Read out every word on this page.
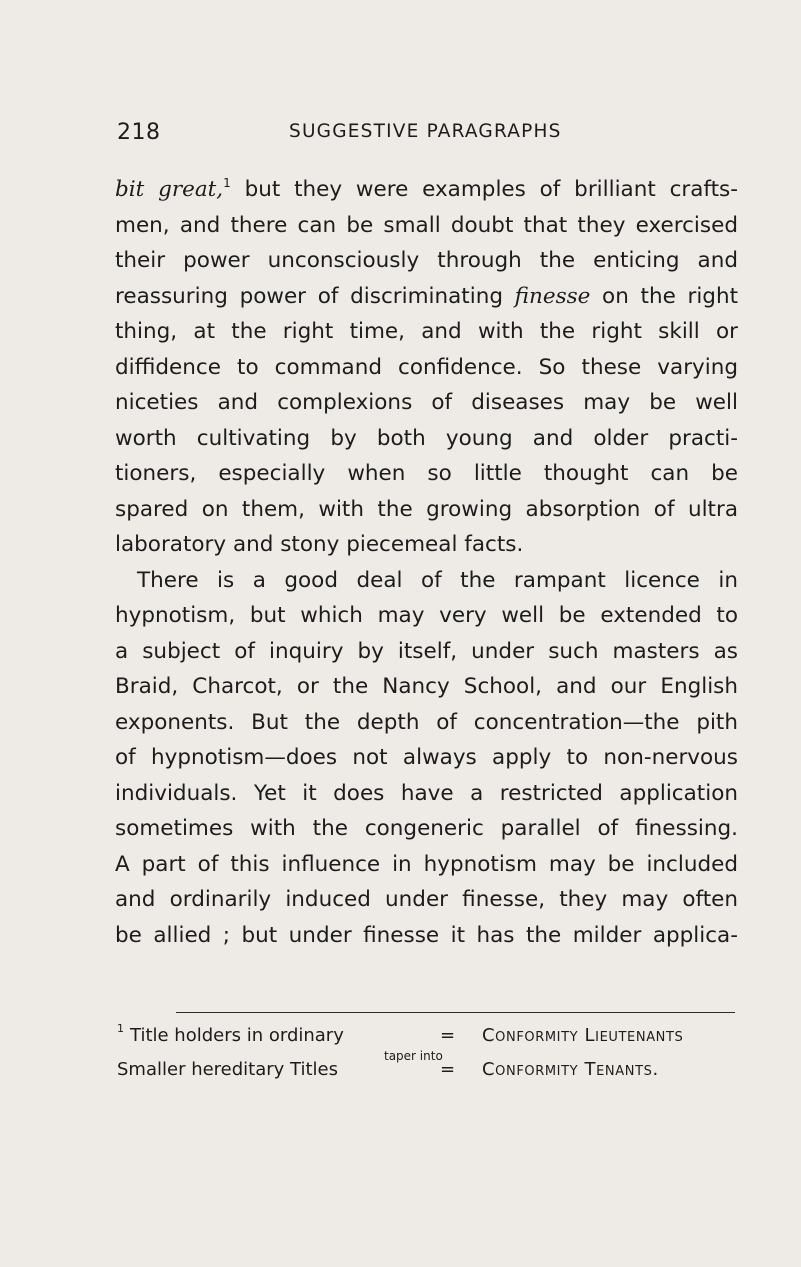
218	SUGGESTIVE PARAGRAPHS
bit great,$^1$ but they were examples of brilliant crafts-
men, and there can be small doubt that they exercised
their power unconsciously through the enticing and
reassuring power of discriminating finesse on the right
thing, at the right time, and with the right skill or
diffidence to command confidence. So these varying
niceties and complexions of diseases may be well
worth cultivating by both young and older practi-
tioners, especially when so little thought can be
spared on them, with the growing absorption of ultra
laboratory and stony piecemeal facts.
There is a good deal of the rampant licence in
hypnotism, but which may very well be extended to
a subject of inquiry by itself, under such masters as
Braid, Charcot, or the Nancy School, and our English
exponents. But the depth of concentration—the pith
of hypnotism—does not always apply to non-nervous
individuals. Yet it does have a restricted application
sometimes with the congeneric parallel of finessing.
A part of this influence in hypnotism may be included
and ordinarily induced under finesse, they may often
be allied ; but under finesse it has the milder applica-
$^1$ Title holders in ordinary	= Conformity Lieutenants
taper into
Smaller hereditary Titles	= Conformity Tenants.
